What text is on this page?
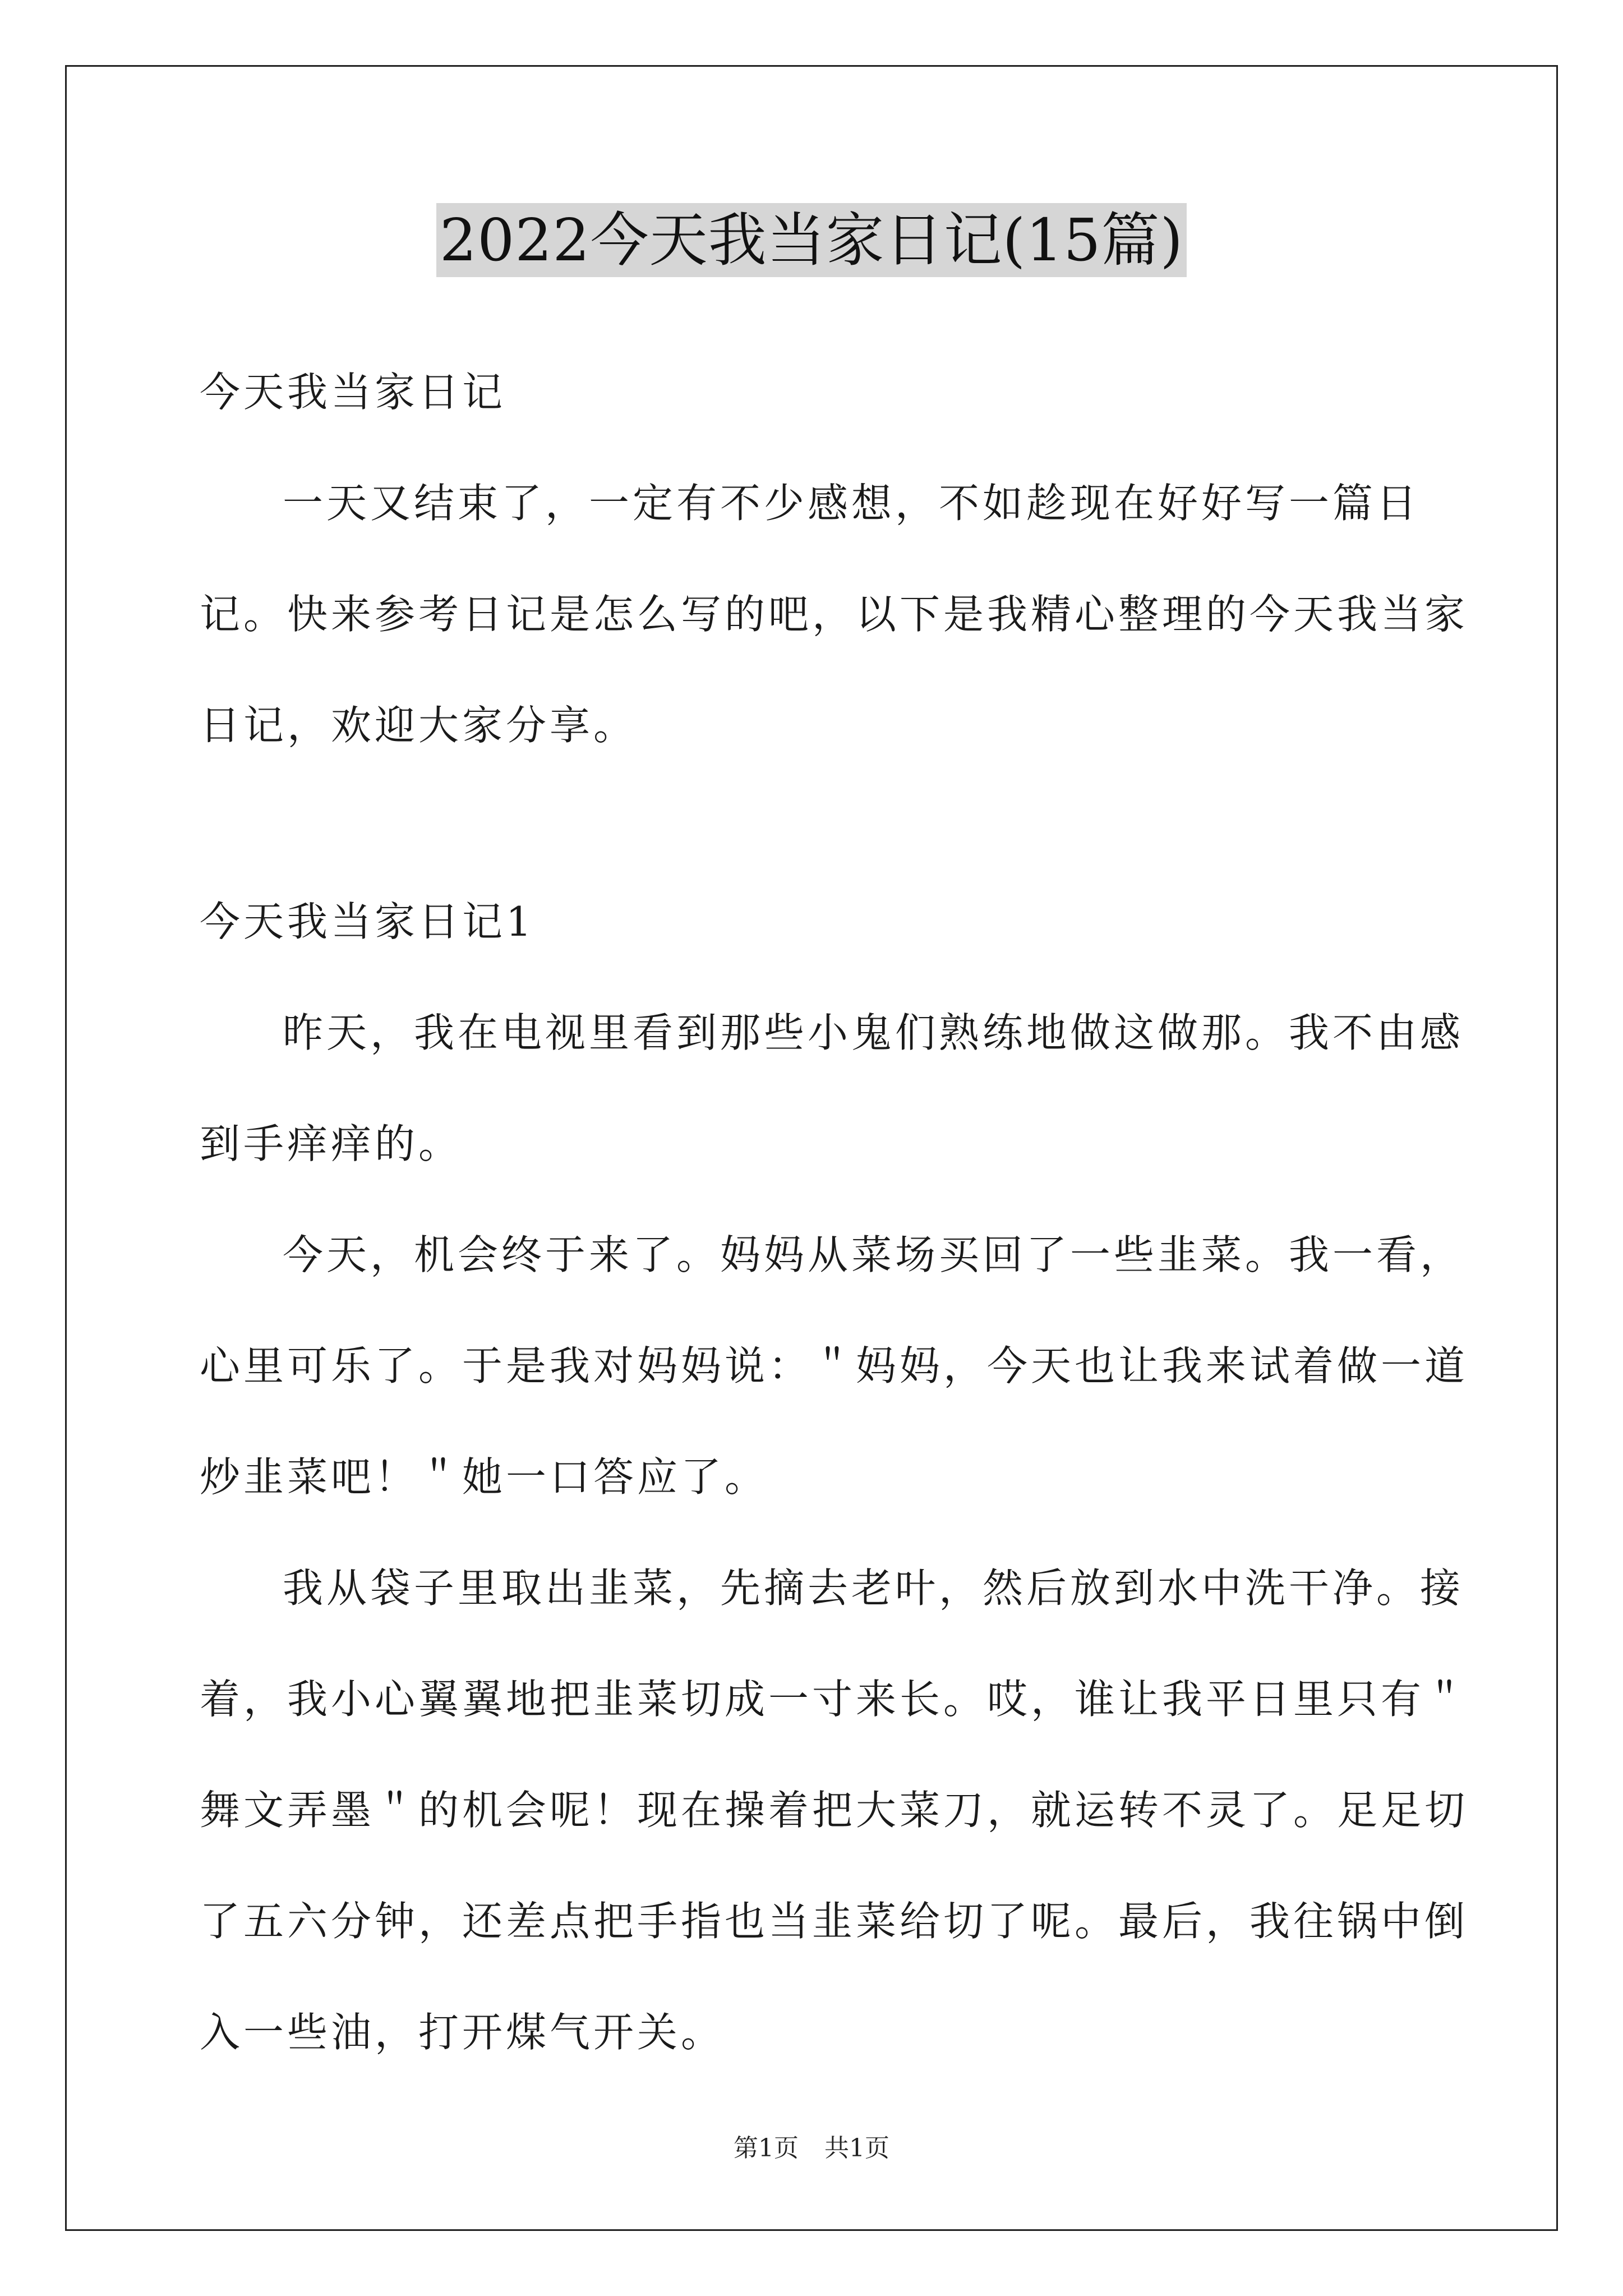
2022今天我当家日记(15篇)

今天我当家日记

一天又结束了，一定有不少感想，不如趁现在好好写一篇日记。快来参考日记是怎么写的吧，以下是我精心整理的今天我当家日记，欢迎大家分享。

今天我当家日记1

昨天，我在电视里看到那些小鬼们熟练地做这做那。我不由感到手痒痒的。

今天，机会终于来了。妈妈从菜场买回了一些韭菜。我一看，心里可乐了。于是我对妈妈说：＂妈妈，今天也让我来试着做一道炒韭菜吧！＂她一口答应了。

我从袋子里取出韭菜，先摘去老叶，然后放到水中洗干净。接着，我小心翼翼地把韭菜切成一寸来长。哎，谁让我平日里只有＂舞文弄墨＂的机会呢！现在操着把大菜刀，就运转不灵了。足足切了五六分钟，还差点把手指也当韭菜给切了呢。最后，我往锅中倒入一些油，打开煤气开关。

第1页 共1页
